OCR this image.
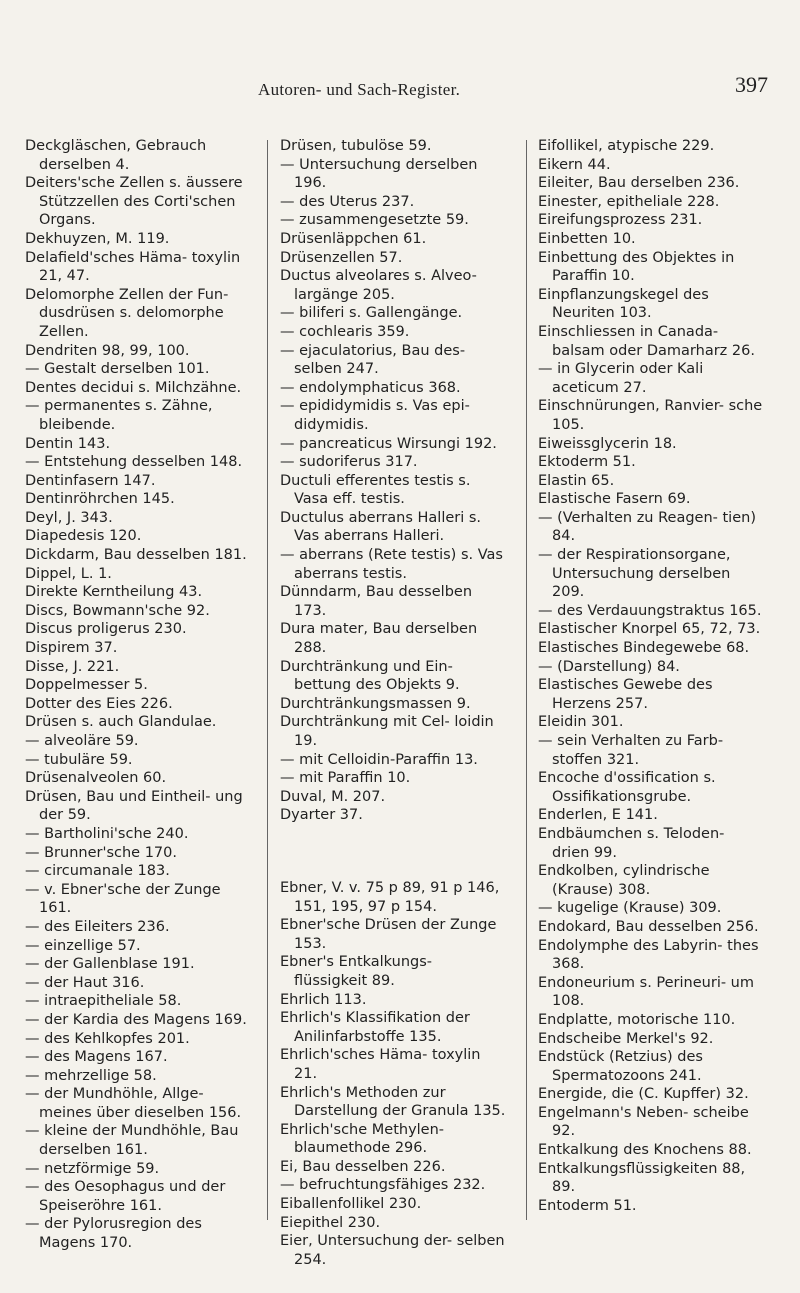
Autoren- und Sach-Register.	397
Deckgläschen, Gebrauch derselben 4.
Deiters'sche Zellen s. äussere Stützzellen des Corti'schen Organs.
Dekhuyzen, M. 119.
Delafield'sches Häma- toxylin 21, 47.
Delomorphe Zellen der Fun- dusdrüsen s. delomorphe Zellen.
Dendriten 98, 99, 100.
— Gestalt derselben 101.
Dentes decidui s. Milchzähne.
— permanentes s. Zähne, bleibende.
Dentin 143.
— Entstehung desselben 148.
Dentinfasern 147.
Dentinröhrchen 145.
Deyl, J. 343.
Diapedesis 120.
Dickdarm, Bau desselben 181.
Dippel, L. 1.
Direkte Kerntheilung 43.
Discs, Bowmann'sche 92.
Discus proligerus 230.
Dispirem 37.
Disse, J. 221.
Doppelmesser 5.
Dotter des Eies 226.
Drüsen s. auch Glandulae.
— alveoläre 59.
— tubuläre 59.
Drüsenalveolen 60.
Drüsen, Bau und Eintheil- ung der 59.
— Bartholini'sche 240.
— Brunner'sche 170.
— circumanale 183.
— v. Ebner'sche der Zunge 161.
— des Eileiters 236.
— einzellige 57.
— der Gallenblase 191.
— der Haut 316.
— intraepitheliale 58.
— der Kardia des Magens 169.
— des Kehlkopfes 201.
— des Magens 167.
— mehrzellige 58.
— der Mundhöhle, Allge- meines über dieselben 156.
— kleine der Mundhöhle, Bau derselben 161.
— netzförmige 59.
— des Oesophagus und der Speiseröhre 161.
— der Pylorusregion des Magens 170.
Drüsen, tubulöse 59.
— Untersuchung derselben 196.
— des Uterus 237.
— zusammengesetzte 59.
Drüsenläppchen 61.
Drüsenzellen 57.
Ductus alveolares s. Alveo- largänge 205.
— biliferi s. Gallengänge.
— cochlearis 359.
— ejaculatorius, Bau des- selben 247.
— endolymphaticus 368.
— epididymidis s. Vas epi- didymidis.
— pancreaticus Wirsungi 192.
— sudoriferus 317.
Ductuli efferentes testis s. Vasa eff. testis.
Ductulus aberrans Halleri s. Vas aberrans Halleri.
— aberrans (Rete testis) s. Vas aberrans testis.
Dünndarm, Bau desselben 173.
Dura mater, Bau derselben 288.
Durchtränkung und Ein- bettung des Objekts 9.
Durchtränkungsmassen 9.
Durchtränkung mit Cel- loidin 19.
— mit Celloidin-Paraffin 13.
— mit Paraffin 10.
Duval, M. 207.
Dyarter 37.
Ebner, V. v. 75 p 89, 91 p 146, 151, 195, 97 p 154.
Ebner'sche Drüsen der Zunge 153.
Ebner's Entkalkungs- flüssigkeit 89.
Ehrlich 113.
Ehrlich's Klassifikation der Anilinfarbstoffe 135.
Ehrlich'sches Häma- toxylin 21.
Ehrlich's Methoden zur Darstellung der Granula 135.
Ehrlich'sche Methylen- blaumethode 296.
Ei, Bau desselben 226.
— befruchtungsfähiges 232.
Eiballenfollikel 230.
Eiepithel 230.
Eier, Untersuchung der- selben 254.
Eifollikel, atypische 229.
Eikern 44.
Eileiter, Bau derselben 236.
Einester, epitheliale 228.
Eireifungsprozess 231.
Einbetten 10.
Einbettung des Objektes in Paraffin 10.
Einpflanzungskegel des Neuriten 103.
Einschliessen in Canada- balsam oder Damarharz 26.
— in Glycerin oder Kali aceticum 27.
Einschnürungen, Ranvier- sche 105.
Eiweissglycerin 18.
Ektoderm 51.
Elastin 65.
Elastische Fasern 69.
— (Verhalten zu Reagen- tien) 84.
— der Respirationsorgane, Untersuchung derselben 209.
— des Verdauungstraktus 165.
Elastischer Knorpel 65, 72, 73.
Elastisches Bindegewebe 68.
— (Darstellung) 84.
Elastisches Gewebe des Herzens 257.
Eleidin 301.
— sein Verhalten zu Farb- stoffen 321.
Encoche d'ossification s. Ossifikationsgrube.
Enderlen, E 141.
Endbäumchen s. Teloden- drien 99.
Endkolben, cylindrische (Krause) 308.
— kugelige (Krause) 309.
Endokard, Bau desselben 256.
Endolymphe des Labyrin- thes 368.
Endoneurium s. Perineuri- um 108.
Endplatte, motorische 110.
Endscheibe Merkel's 92.
Endstück (Retzius) des Spermatozoons 241.
Energide, die (C. Kupffer) 32.
Engelmann's Neben- scheibe 92.
Entkalkung des Knochens 88.
Entkalkungsflüssigkeiten 88, 89.
Entoderm 51.
